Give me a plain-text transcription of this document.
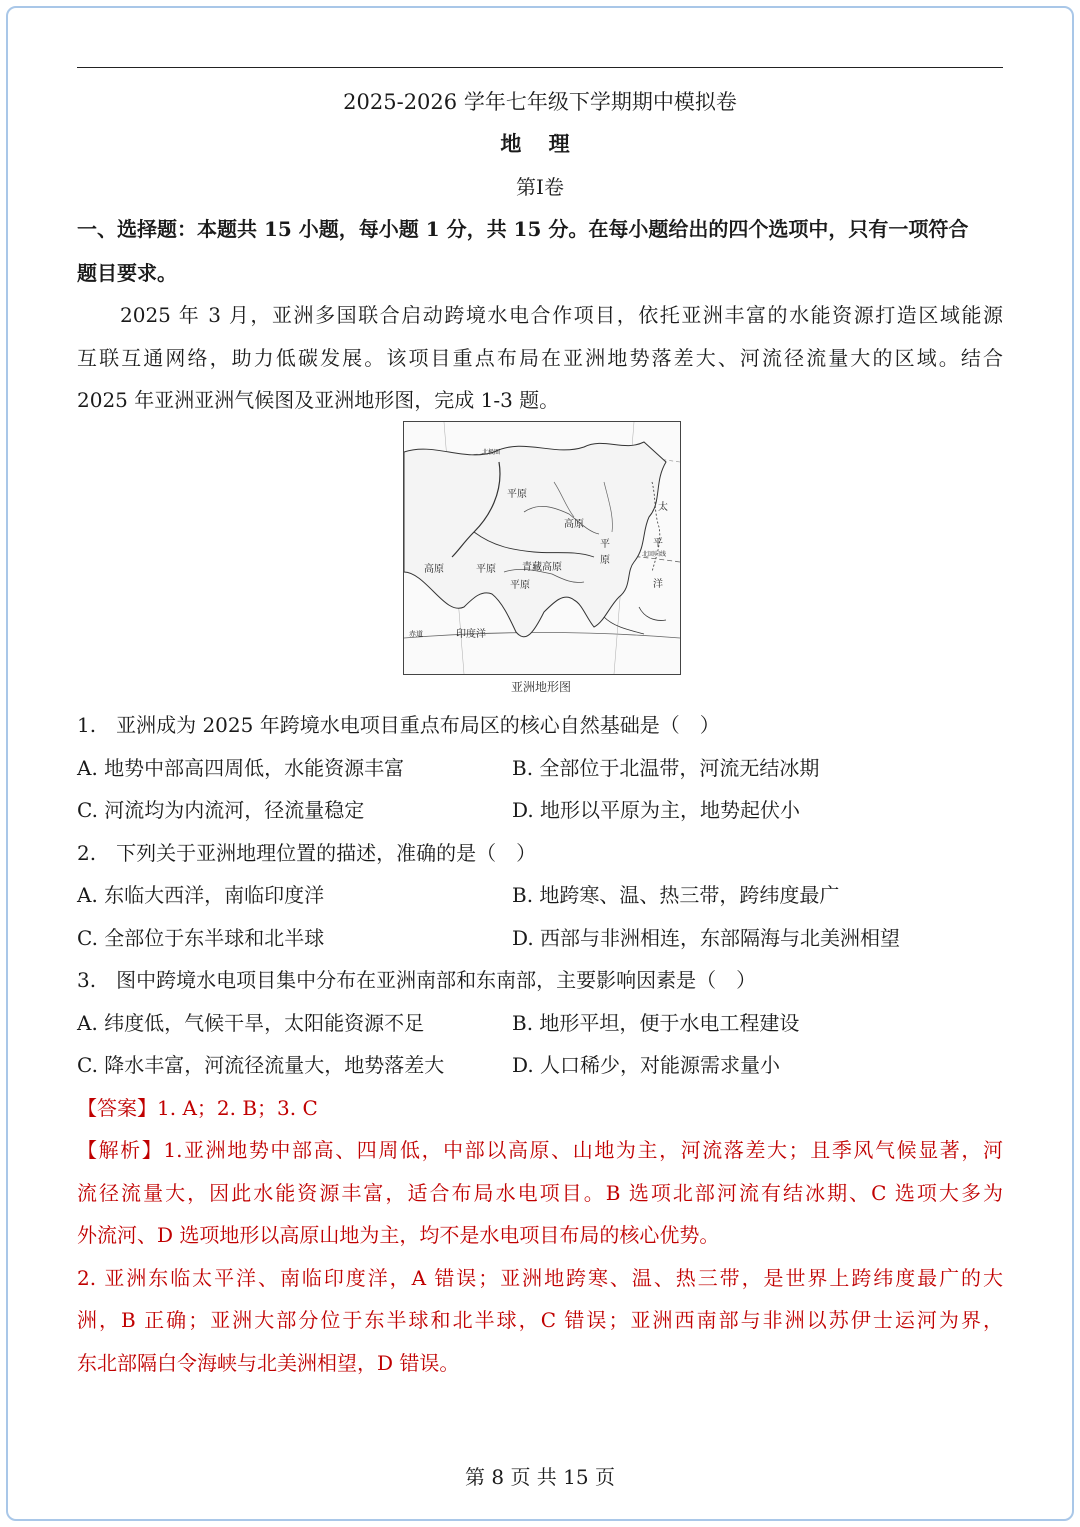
2025-2026 学年七年级下学期期中模拟卷
地 理
第I卷
一、选择题：本题共 15 小题，每小题 1 分，共 15 分。在每小题给出的四个选项中，只有一项符合
题目要求。
2025 年 3 月，亚洲多国联合启动跨境水电合作项目，依托亚洲丰富的水能资源打造区域能源
互联互通网络，助力低碳发展。该项目重点布局在亚洲地势落差大、河流径流量大的区域。结合
2025 年亚洲亚洲气候图及亚洲地形图，完成 1-3 题。
平原
高原
高原	平原	青藏高原
平
原
平原
印度洋
太
平
洋
赤道
北回归线
北极圈
亚洲地形图
1.　亚洲成为 2025 年跨境水电项目重点布局区的核心自然基础是（　）
A. 地势中部高四周低，水能资源丰富	B. 全部位于北温带，河流无结冰期
C. 河流均为内流河，径流量稳定	D. 地形以平原为主，地势起伏小
2.　下列关于亚洲地理位置的描述，准确的是（　）
A. 东临大西洋，南临印度洋	B. 地跨寒、温、热三带，跨纬度最广
C. 全部位于东半球和北半球	D. 西部与非洲相连，东部隔海与北美洲相望
3.　图中跨境水电项目集中分布在亚洲南部和东南部，主要影响因素是（　）
A. 纬度低，气候干旱，太阳能资源不足	B. 地形平坦，便于水电工程建设
C. 降水丰富，河流径流量大，地势落差大	D. 人口稀少，对能源需求量小
【答案】1. A；2. B；3. C
【解析】1.亚洲地势中部高、四周低，中部以高原、山地为主，河流落差大；且季风气候显著，河
流径流量大，因此水能资源丰富，适合布局水电项目。B 选项北部河流有结冰期、C 选项大多为
外流河、D 选项地形以高原山地为主，均不是水电项目布局的核心优势。
2. 亚洲东临太平洋、南临印度洋，A 错误；亚洲地跨寒、温、热三带，是世界上跨纬度最广的大
洲，B 正确；亚洲大部分位于东半球和北半球，C 错误；亚洲西南部与非洲以苏伊士运河为界，
东北部隔白令海峡与北美洲相望，D 错误。
第 8 页 共 15 页
